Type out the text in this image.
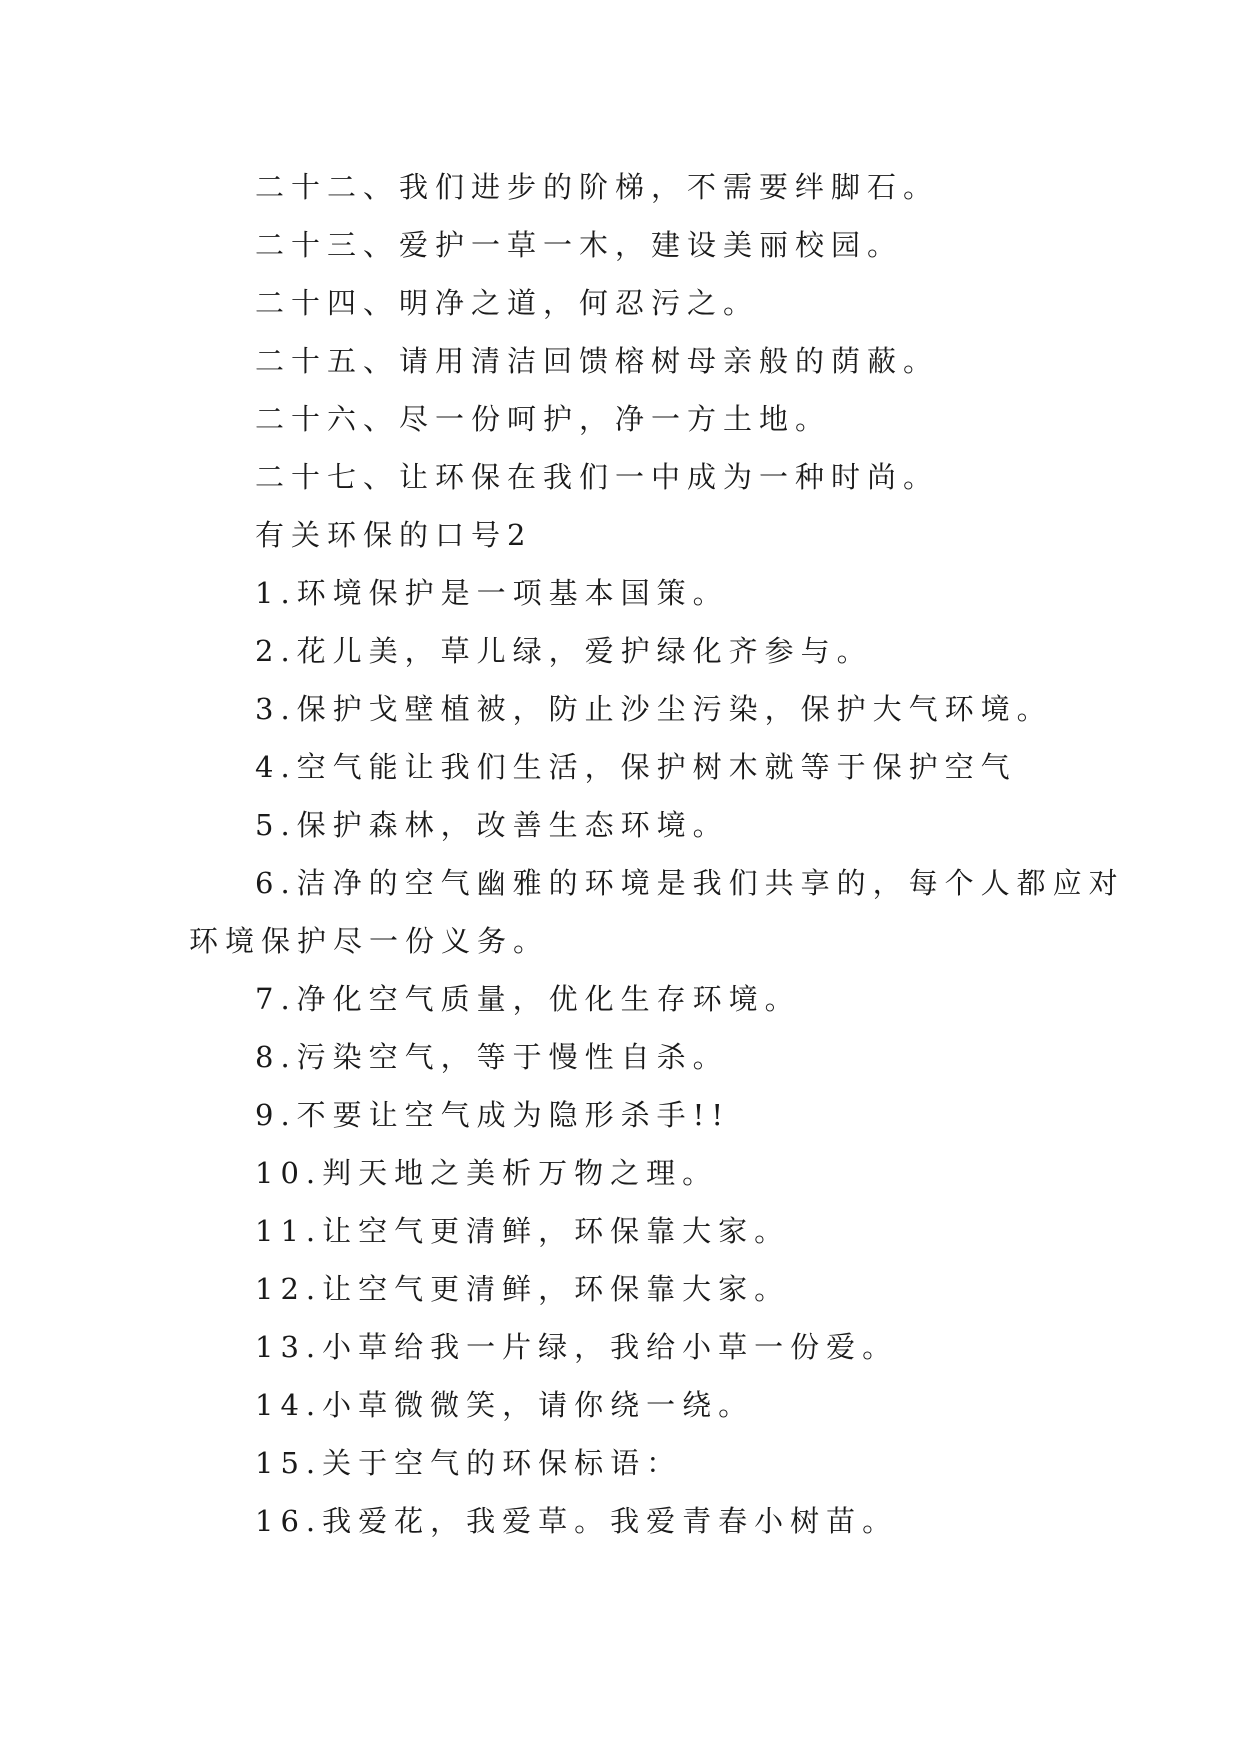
二十二、我们进步的阶梯，不需要绊脚石。
二十三、爱护一草一木，建设美丽校园。
二十四、明净之道，何忍污之。
二十五、请用清洁回馈榕树母亲般的荫蔽。
二十六、尽一份呵护，净一方土地。
二十七、让环保在我们一中成为一种时尚。
有关环保的口号2
1.环境保护是一项基本国策。
2.花儿美，草儿绿，爱护绿化齐参与。
3.保护戈壁植被，防止沙尘污染，保护大气环境。
4.空气能让我们生活，保护树木就等于保护空气
5.保护森林，改善生态环境。
6.洁净的空气幽雅的环境是我们共享的，每个人都应对
环境保护尽一份义务。
7.净化空气质量，优化生存环境。
8.污染空气，等于慢性自杀。
9.不要让空气成为隐形杀手!!
10.判天地之美析万物之理。
11.让空气更清鲜，环保靠大家。
12.让空气更清鲜，环保靠大家。
13.小草给我一片绿，我给小草一份爱。
14.小草微微笑，请你绕一绕。
15.关于空气的环保标语：
16.我爱花，我爱草。我爱青春小树苗。
